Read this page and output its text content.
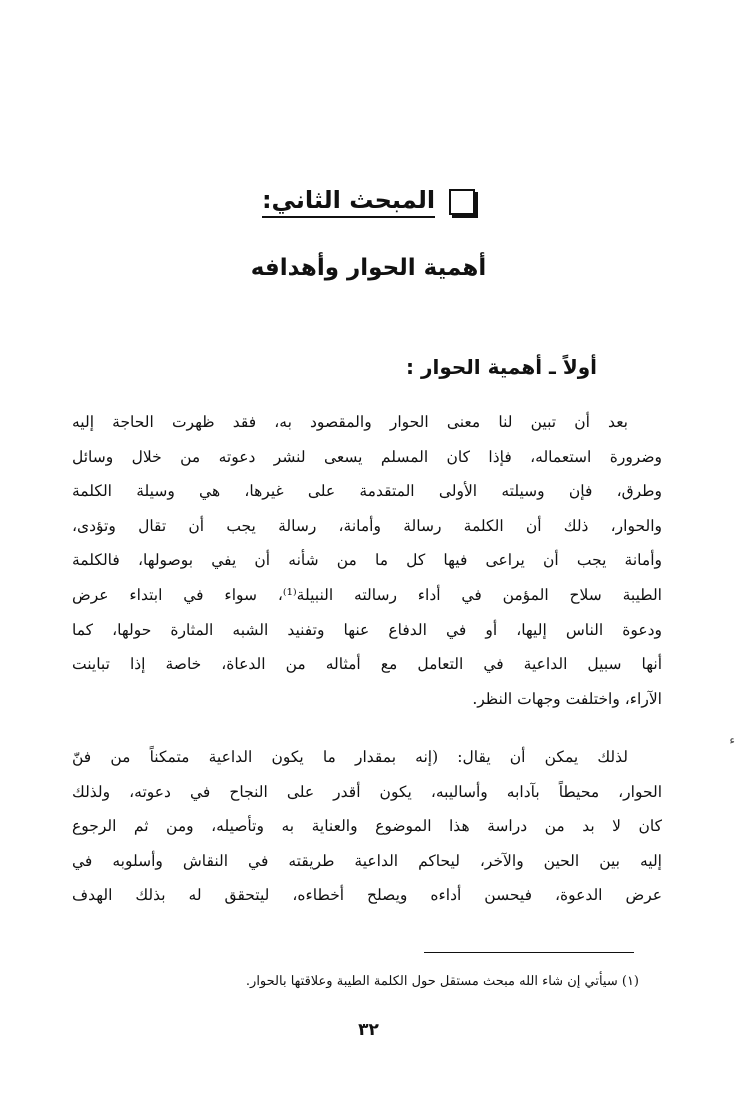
المبحث الثاني:
أهمية الحوار وأهدافه
أولاً ـ أهمية الحوار :
بعد أن تبين لنا معنى الحوار والمقصود به، فقد ظهرت الحاجة إليه
وضرورة استعماله، فإذا كان المسلم يسعى لنشر دعوته من خلال وسائل
وطرق، فإن وسيلته الأولى المتقدمة على غيرها، هي وسيلة الكلمة
والحوار، ذلك أن الكلمة رسالة وأمانة، رسالة يجب أن تقال وتؤدى،
وأمانة يجب أن يراعى فيها كل ما من شأنه أن يفي بوصولها، فالكلمة
الطيبة سلاح المؤمن في أداء رسالته النبيلة⁽¹⁾، سواء في ابتداء عرض
ودعوة الناس إليها، أو في الدفاع عنها وتفنيد الشبه المثارة حولها، كما
أنها سبيل الداعية في التعامل مع أمثاله من الدعاة، خاصة إذا تباينت
الآراء، واختلفت وجهات النظر.
لذلك يمكن أن يقال: (إنه بمقدار ما يكون الداعية متمكناً من فنّ
الحوار، محيطاً بآدابه وأساليبه، يكون أقدر على النجاح في دعوته، ولذلك
كان لا بد من دراسة هذا الموضوع والعناية به وتأصيله، ومن ثم الرجوع
إليه بين الحين والآخر، ليحاكم الداعية طريقته في النقاش وأسلوبه في
عرض الدعوة، فيحسن أداءه ويصلح أخطاءه، ليتحقق له بذلك الهدف
ء
(١) سيأتي إن شاء الله مبحث مستقل حول الكلمة الطيبة وعلاقتها بالحوار.
٣٢
